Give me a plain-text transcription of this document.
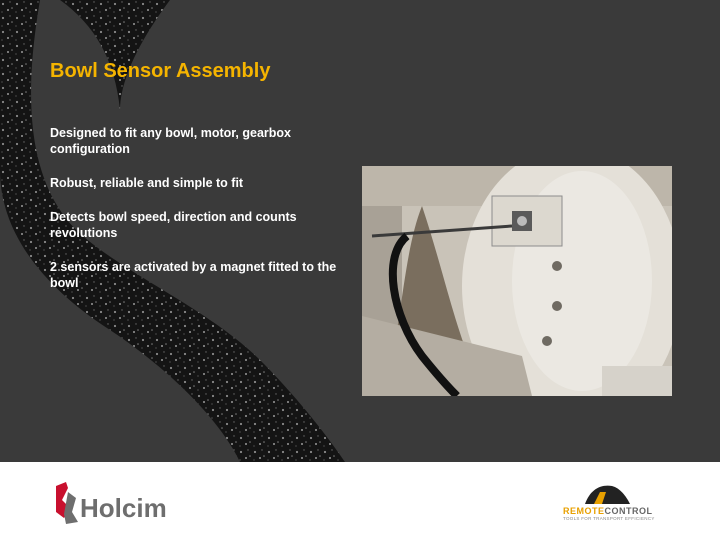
Bowl Sensor Assembly
Designed to fit any bowl, motor, gearbox configuration
Robust, reliable and simple to fit
Detects bowl speed, direction and counts revolutions
2 sensors are activated by a magnet fitted to the bowl
Holcim	REMOTECONTROL
TOOLS FOR TRANSPORT EFFICIENCY
